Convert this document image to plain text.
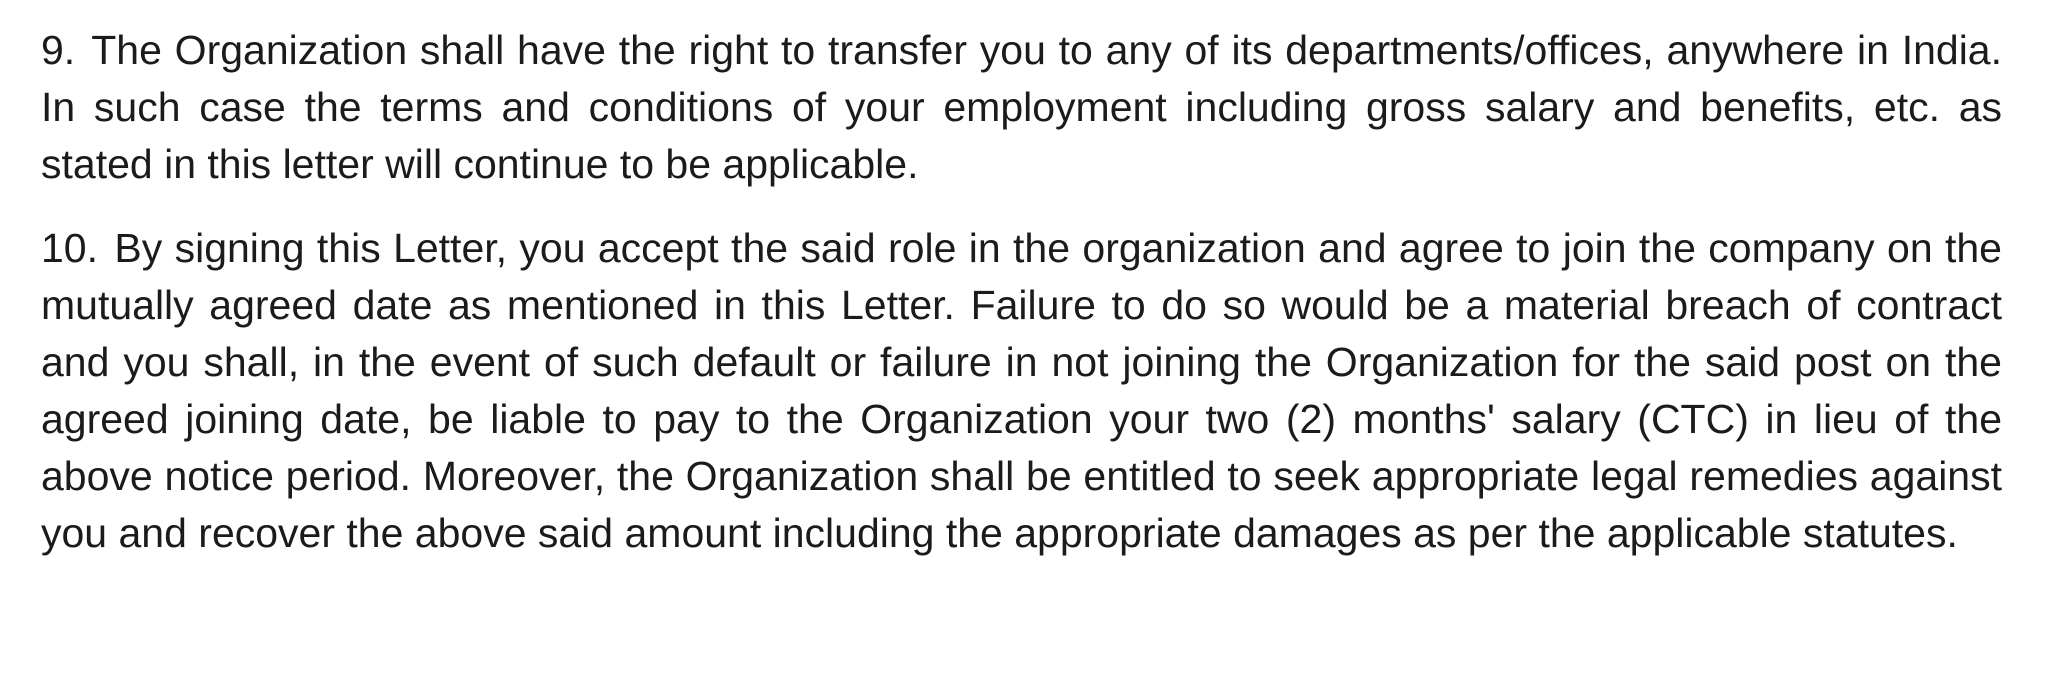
9. The Organization shall have the right to transfer you to any of its departments/offices, anywhere in India. In such case the terms and conditions of your employment including gross salary and benefits, etc. as stated in this letter will continue to be applicable.

10. By signing this Letter, you accept the said role in the organization and agree to join the company on the mutually agreed date as mentioned in this Letter. Failure to do so would be a material breach of contract and you shall, in the event of such default or failure in not joining the Organization for the said post on the agreed joining date, be liable to pay to the Organization your two (2) months' salary (CTC) in lieu of the above notice period. Moreover, the Organization shall be entitled to seek appropriate legal remedies against you and recover the above said amount including the appropriate damages as per the applicable statutes.
